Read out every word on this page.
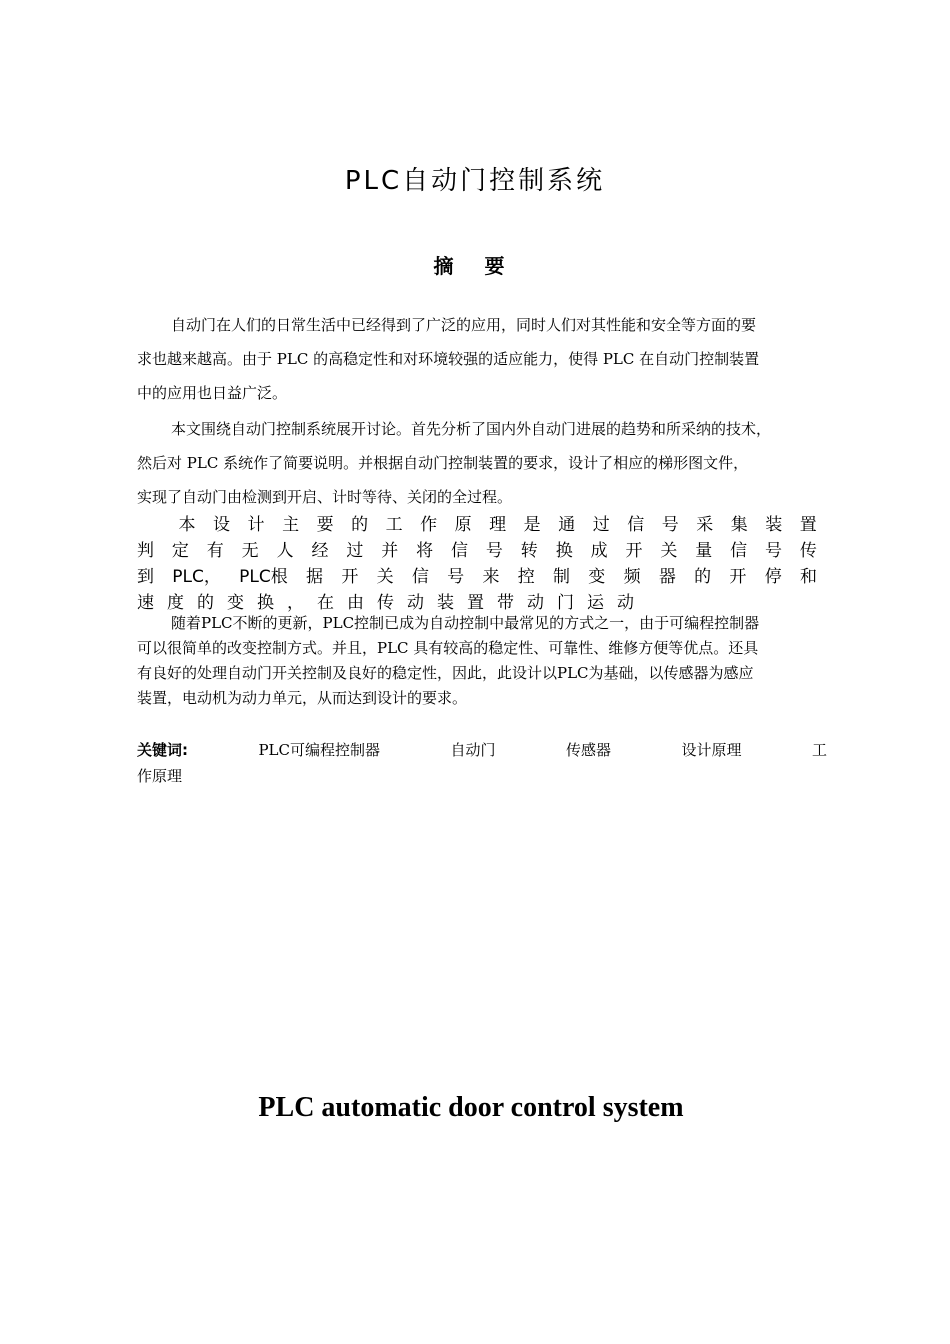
PLC自动门控制系统
摘 要
自动门在人们的日常生活中已经得到了广泛的应用，同时人们对其性能和安全等方面的要
求也越来越高。由于 PLC 的高稳定性和对环境较强的适应能力，使得 PLC 在自动门控制装置
中的应用也日益广泛。
本文围绕自动门控制系统展开讨论。首先分析了国内外自动门进展的趋势和所采纳的技术，
然后对 PLC 系统作了简要说明。并根据自动门控制装置的要求，设计了相应的梯形图文件，
实现了自动门由检测到开启、计时等待、关闭的全过程。
本 设 计 主 要 的 工 作 原 理 是 通 过 信 号 采 集 装 置
判 定 有 无 人 经 过 并 将 信 号 转 换 成 开 关 量 信 号 传
到 PLC， PLC根 据 开 关 信 号 来 控 制 变 频 器 的 开 停 和
速 度 的 变 换 ， 在 由 传 动 装 置 带 动 门 运 动
随着PLC不断的更新，PLC控制已成为自动控制中最常见的方式之一，由于可编程控制器
可以很简单的改变控制方式。并且，PLC 具有较高的稳定性、可靠性、维修方便等优点。还具
有良好的处理自动门开关控制及良好的稳定性，因此，此设计以PLC为基础，以传感器为感应
装置，电动机为动力单元，从而达到设计的要求。
关键词:	PLC可编程控制器	自动门	传感器	设计原理	工
作原理
PLC automatic door control system
